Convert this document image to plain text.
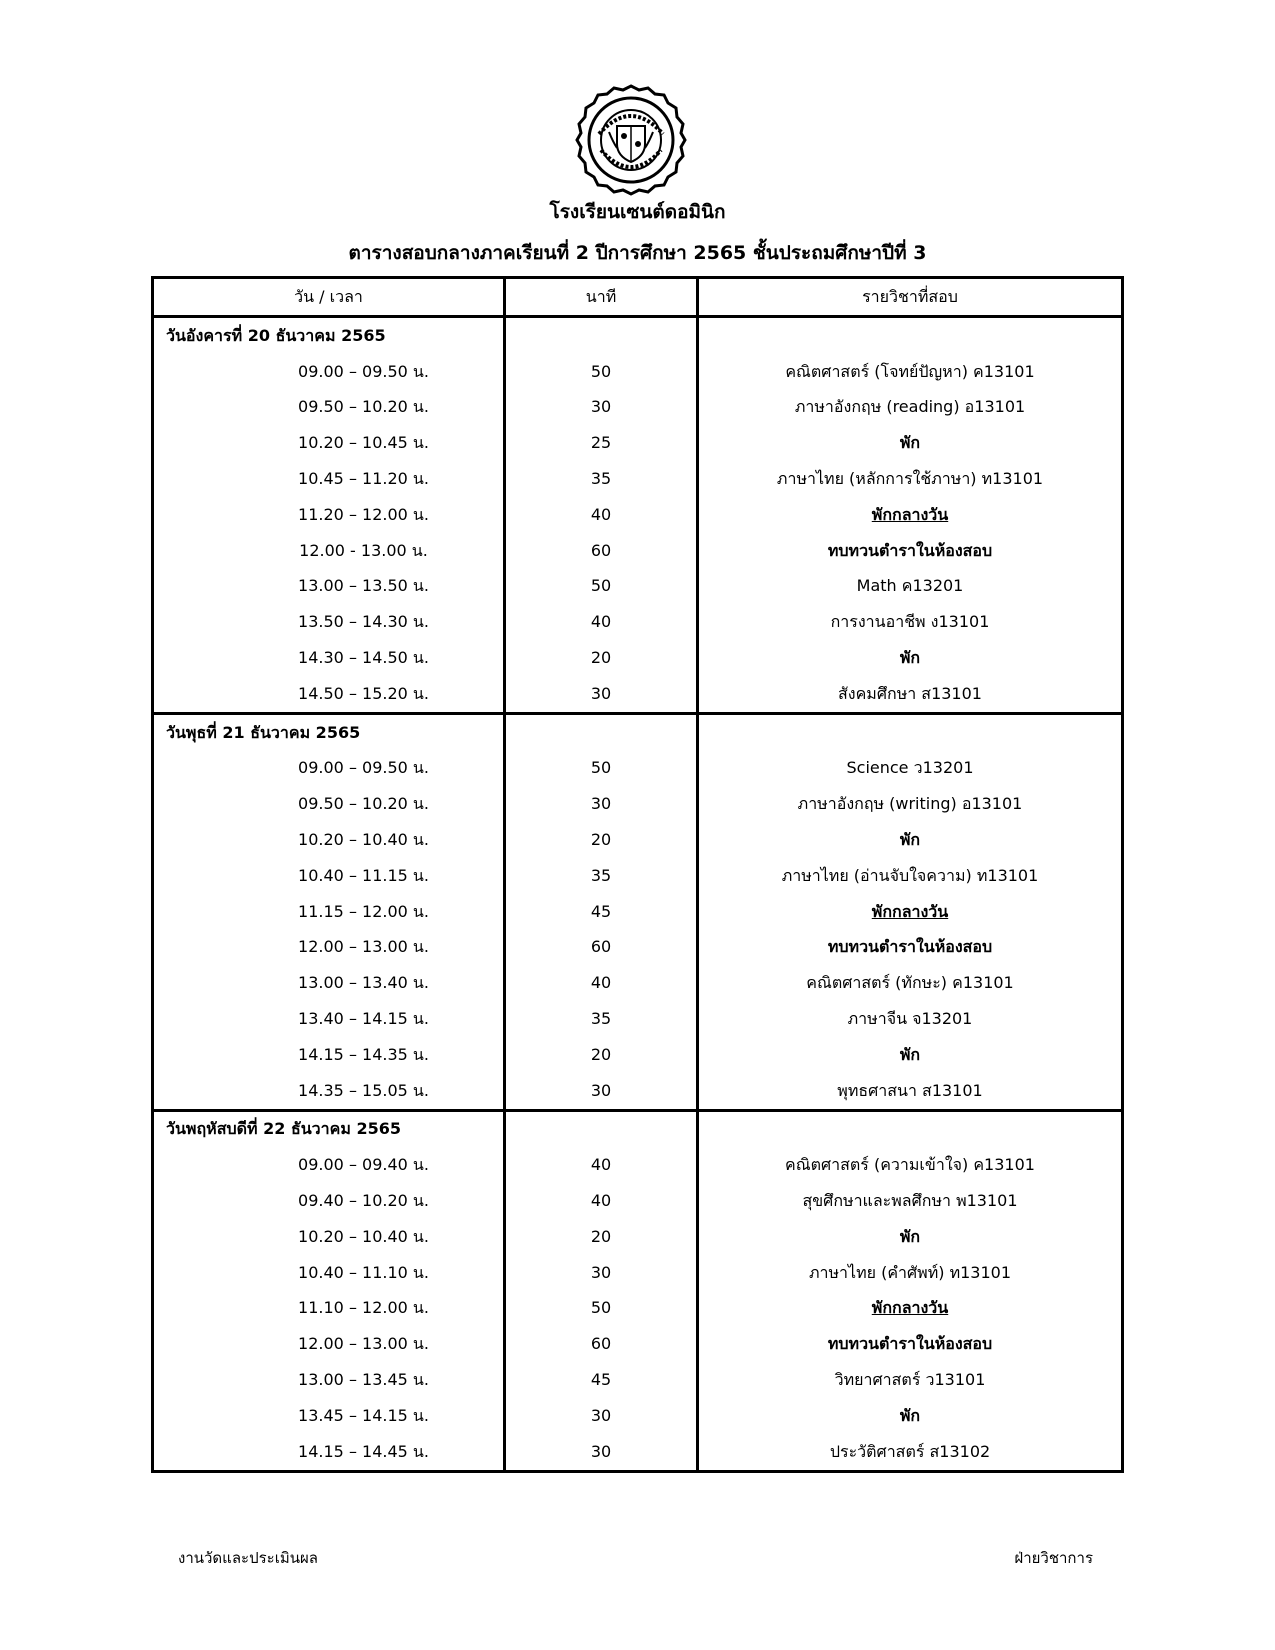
โรงเรียนเซนต์ดอมินิก
ตารางสอบกลางภาคเรียนที่ 2 ปีการศึกษา 2565 ชั้นประถมศึกษาปีที่ 3
วัน / เวลา	นาที	รายวิชาที่สอบ
วันอังคารที่ 20 ธันวาคม 2565		
09.00 – 09.50 น.	50	คณิตศาสตร์ (โจทย์ปัญหา) ค13101
09.50 – 10.20 น.	30	ภาษาอังกฤษ (reading) อ13101
10.20 – 10.45 น.	25	พัก
10.45 – 11.20 น.	35	ภาษาไทย (หลักการใช้ภาษา) ท13101
11.20 – 12.00 น.	40	พักกลางวัน
12.00 - 13.00 น.	60	ทบทวนตำราในห้องสอบ
13.00 – 13.50 น.	50	Math ค13201
13.50 – 14.30 น.	40	การงานอาชีพ ง13101
14.30 – 14.50 น.	20	พัก
14.50 – 15.20 น.	30	สังคมศึกษา ส13101
วันพุธที่ 21 ธันวาคม 2565		
09.00 – 09.50 น.	50	Science ว13201
09.50 – 10.20 น.	30	ภาษาอังกฤษ (writing) อ13101
10.20 – 10.40 น.	20	พัก
10.40 – 11.15 น.	35	ภาษาไทย (อ่านจับใจความ) ท13101
11.15 – 12.00 น.	45	พักกลางวัน
12.00 – 13.00 น.	60	ทบทวนตำราในห้องสอบ
13.00 – 13.40 น.	40	คณิตศาสตร์ (ทักษะ) ค13101
13.40 – 14.15 น.	35	ภาษาจีน จ13201
14.15 – 14.35 น.	20	พัก
14.35 – 15.05 น.	30	พุทธศาสนา ส13101
วันพฤหัสบดีที่ 22 ธันวาคม 2565		
09.00 – 09.40 น.	40	คณิตศาสตร์ (ความเข้าใจ) ค13101
09.40 – 10.20 น.	40	สุขศึกษาและพลศึกษา พ13101
10.20 – 10.40 น.	20	พัก
10.40 – 11.10 น.	30	ภาษาไทย (คำศัพท์) ท13101
11.10 – 12.00 น.	50	พักกลางวัน
12.00 – 13.00 น.	60	ทบทวนตำราในห้องสอบ
13.00 – 13.45 น.	45	วิทยาศาสตร์ ว13101
13.45 – 14.15 น.	30	พัก
14.15 – 14.45 น.	30	ประวัติศาสตร์ ส13102
งานวัดและประเมินผล	ฝ่ายวิชาการ
